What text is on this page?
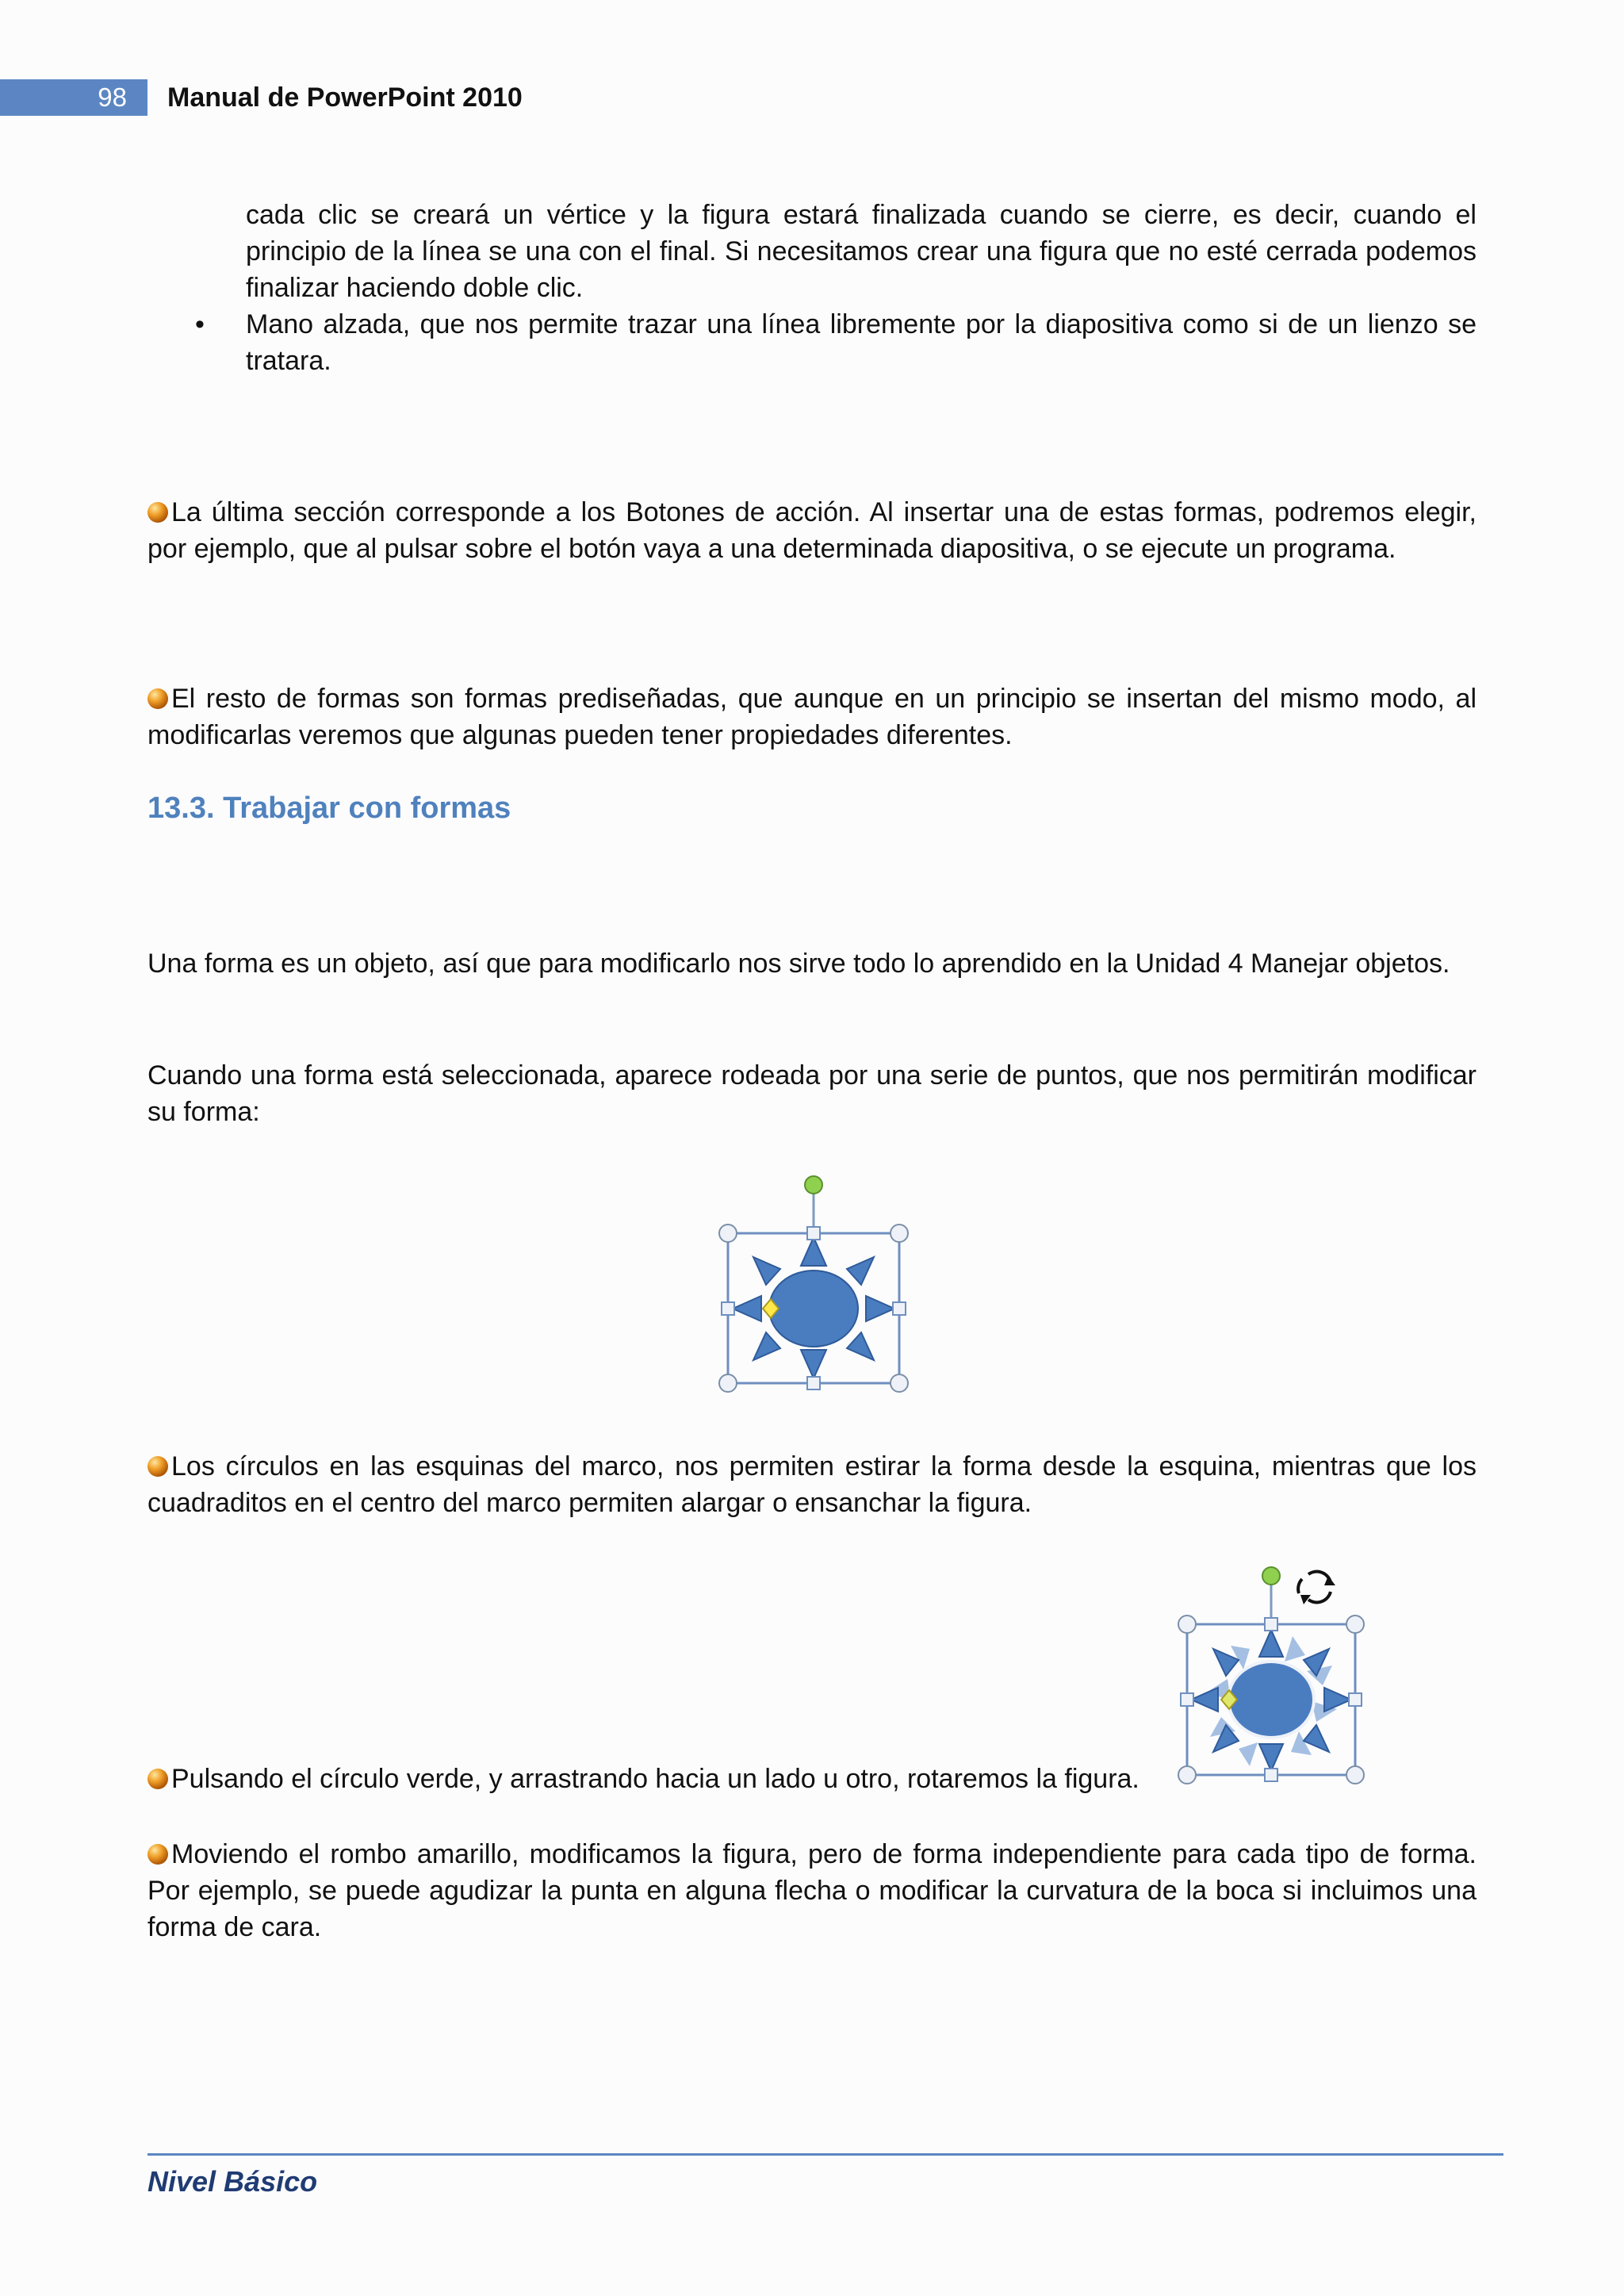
98 Manual de PowerPoint 2010
cada clic se creará un vértice y la figura estará finalizada cuando se cierre, es decir, cuando el principio de la línea se una con el final. Si necesitamos crear una figura que no esté cerrada podemos finalizar haciendo doble clic.
• Mano alzada, que nos permite trazar una línea libremente por la diapositiva como si de un lienzo se tratara.
La última sección corresponde a los Botones de acción. Al insertar una de estas formas, podremos elegir, por ejemplo, que al pulsar sobre el botón vaya a una determinada diapositiva, o se ejecute un programa.
El resto de formas son formas prediseñadas, que aunque en un principio se insertan del mismo modo, al modificarlas veremos que algunas pueden tener propiedades diferentes.
13.3. Trabajar con formas
Una forma es un objeto, así que para modificarlo nos sirve todo lo aprendido en la Unidad 4 Manejar objetos.
Cuando una forma está seleccionada, aparece rodeada por una serie de puntos, que nos permitirán modificar su forma:
Los círculos en las esquinas del marco, nos permiten estirar la forma desde la esquina, mientras que los cuadraditos en el centro del marco permiten alargar o ensanchar la figura.
Pulsando el círculo verde, y arrastrando hacia un lado u otro, rotaremos la figura.
Moviendo el rombo amarillo, modificamos la figura, pero de forma independiente para cada tipo de forma. Por ejemplo, se puede agudizar la punta en alguna flecha o modificar la curvatura de la boca si incluimos una forma de cara.
Nivel Básico
